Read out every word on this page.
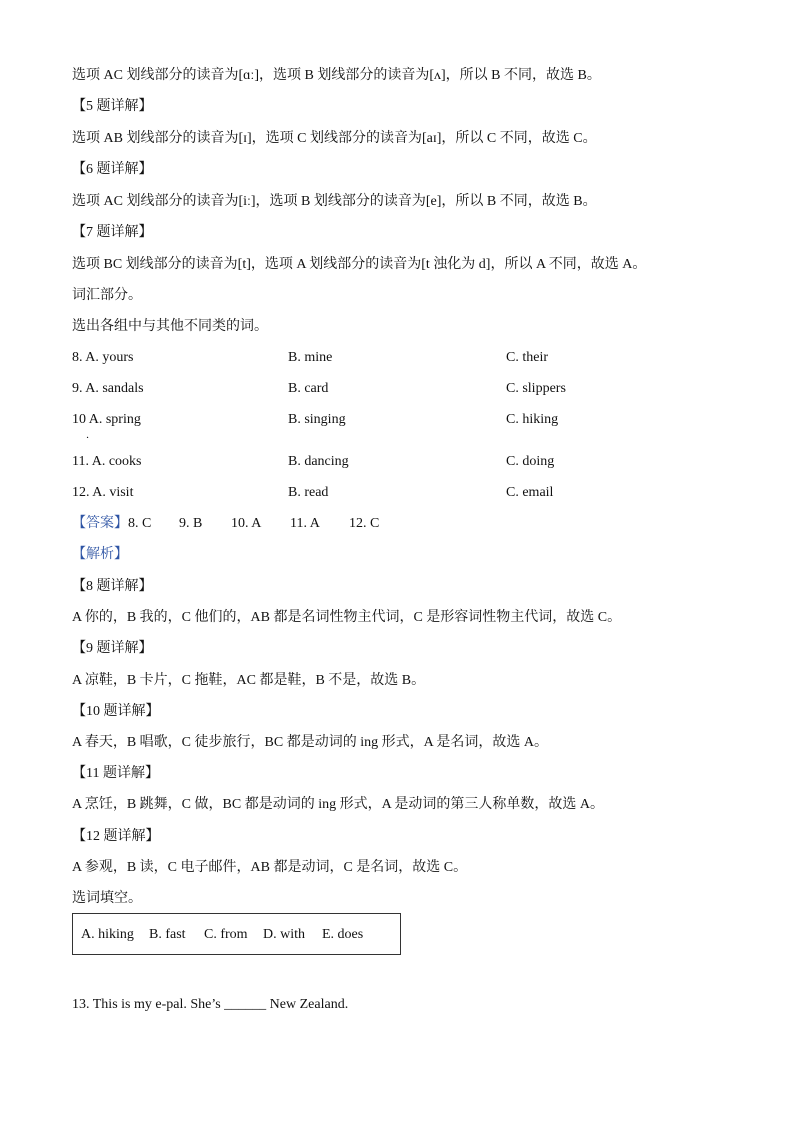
选项 AC 划线部分的读音为[ɑː]，选项 B 划线部分的读音为[ʌ]，所以 B 不同，故选 B。
【5 题详解】
选项 AB 划线部分的读音为[ɪ]，选项 C 划线部分的读音为[aɪ]，所以 C 不同，故选 C。
【6 题详解】
选项 AC 划线部分的读音为[iː]，选项 B 划线部分的读音为[e]，所以 B 不同，故选 B。
【7 题详解】
选项 BC 划线部分的读音为[t]，选项 A 划线部分的读音为[t 浊化为 d]，所以 A 不同，故选 A。
词汇部分。
选出各组中与其他不同类的词。
8. A. yours	B. mine	C. their
9. A. sandals	B. card	C. slippers
10 A. spring	B. singing	C. hiking
．
11. A. cooks	B. dancing	C. doing
12. A. visit	B. read	C. email
【答案】 8. C 9. B 10. A 11. A 12. C
【解析】
【8 题详解】
A 你的，B 我的，C 他们的，AB 都是名词性物主代词，C 是形容词性物主代词，故选 C。
【9 题详解】
A 凉鞋，B 卡片，C 拖鞋，AC 都是鞋，B 不是，故选 B。
【10 题详解】
A 春天，B 唱歌，C 徒步旅行，BC 都是动词的 ing 形式，A 是名词，故选 A。
【11 题详解】
A 烹饪，B 跳舞，C 做，BC 都是动词的 ing 形式，A 是动词的第三人称单数，故选 A。
【12 题详解】
A 参观，B 读，C 电子邮件，AB 都是动词，C 是名词，故选 C。
选词填空。
A. hiking B. fast C. from D. with E. does
13. This is my e-pal. She’s ______ New Zealand.
